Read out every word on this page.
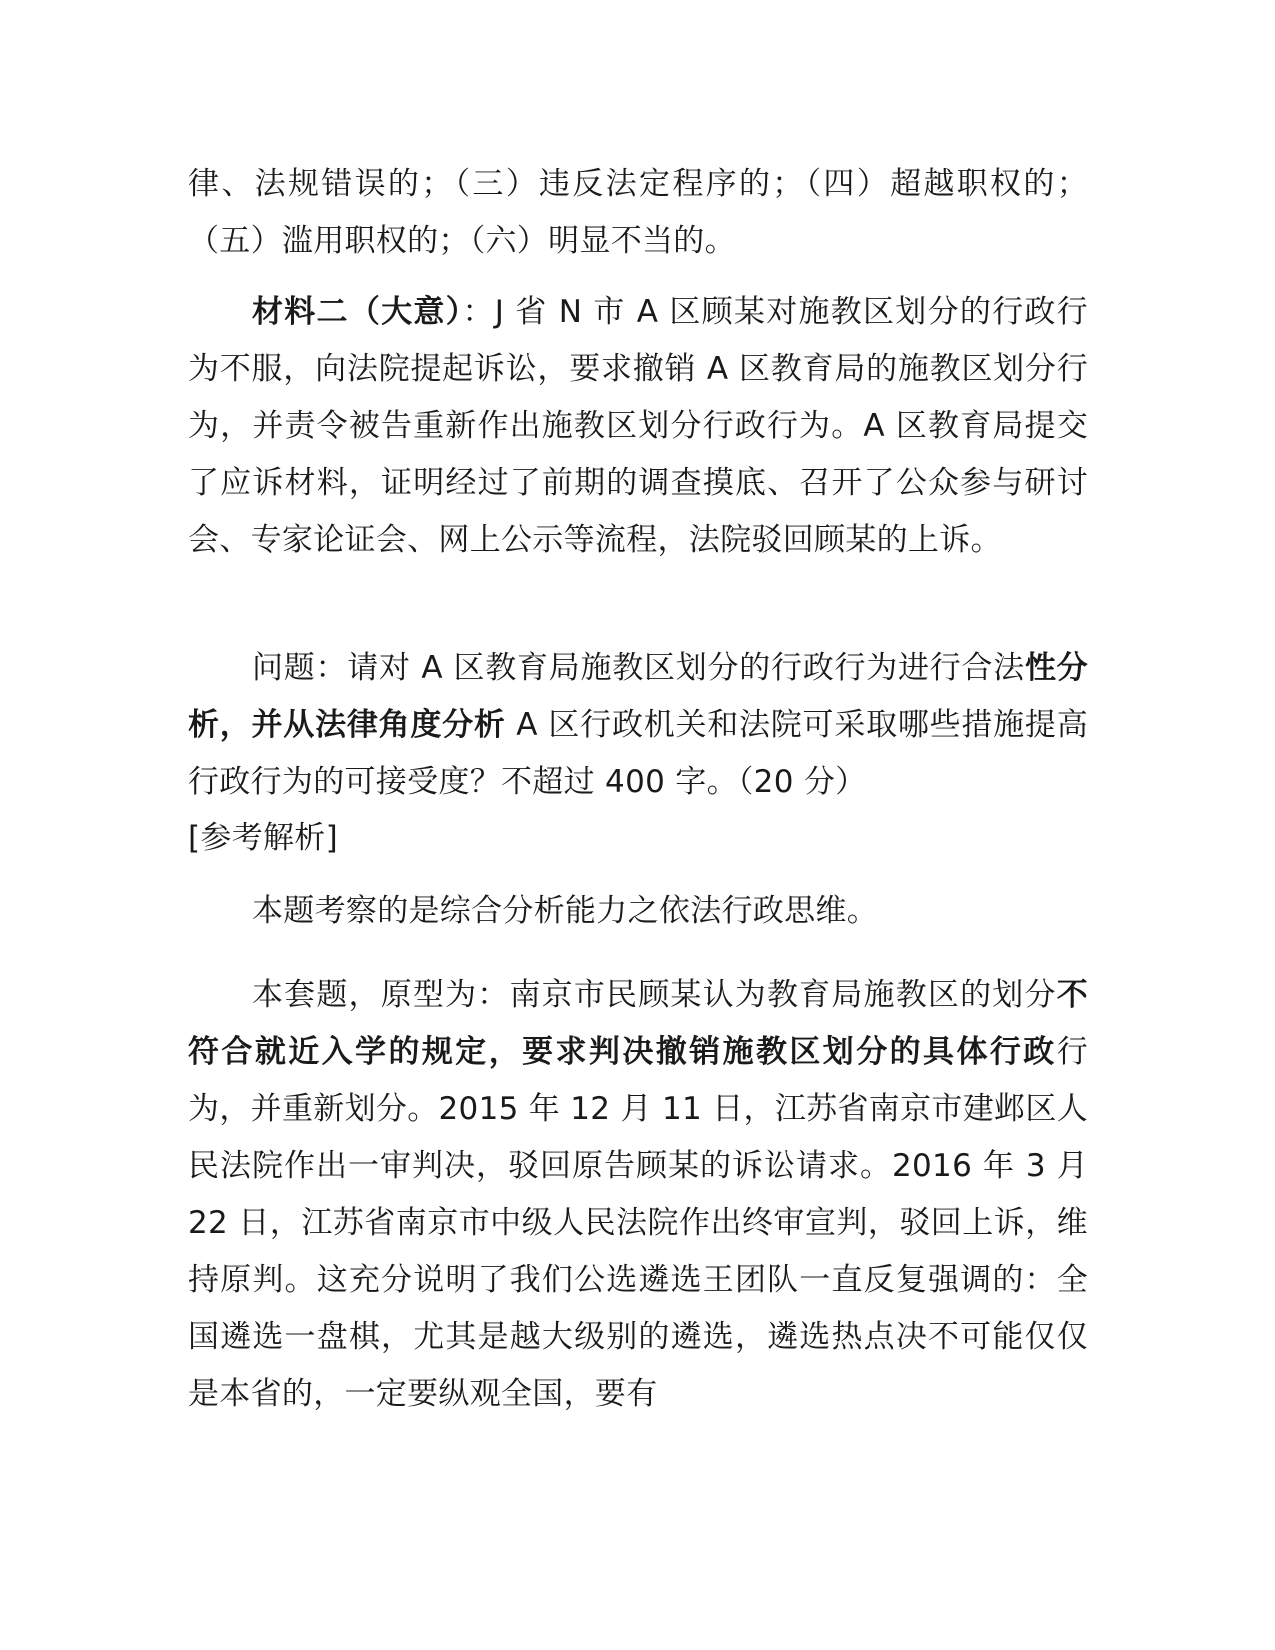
律、法规错误的；（三）违反法定程序的；（四）超越职权的；（五）滥用职权的；（六）明显不当的。

材料二（大意）：J 省 N 市 A 区顾某对施教区划分的行政行为不服，向法院提起诉讼，要求撤销 A 区教育局的施教区划分行为，并责令被告重新作出施教区划分行政行为。A 区教育局提交了应诉材料，证明经过了前期的调查摸底、召开了公众参与研讨会、专家论证会、网上公示等流程，法院驳回顾某的上诉。

问题：请对 A 区教育局施教区划分的行政行为进行合法性分析，并从法律角度分析 A 区行政机关和法院可采取哪些措施提高行政行为的可接受度？不超过 400 字。（20 分）

[参考解析]

本题考察的是综合分析能力之依法行政思维。

本套题，原型为：南京市民顾某认为教育局施教区的划分不符合就近入学的规定，要求判决撤销施教区划分的具体行政行为，并重新划分。2015 年 12 月 11 日，江苏省南京市建邺区人民法院作出一审判决，驳回原告顾某的诉讼请求。2016 年 3 月 22 日，江苏省南京市中级人民法院作出终审宣判，驳回上诉，维持原判。这充分说明了我们公选遴选王团队一直反复强调的：全国遴选一盘棋，尤其是越大级别的遴选，遴选热点决不可能仅仅是本省的，一定要纵观全国，要有
